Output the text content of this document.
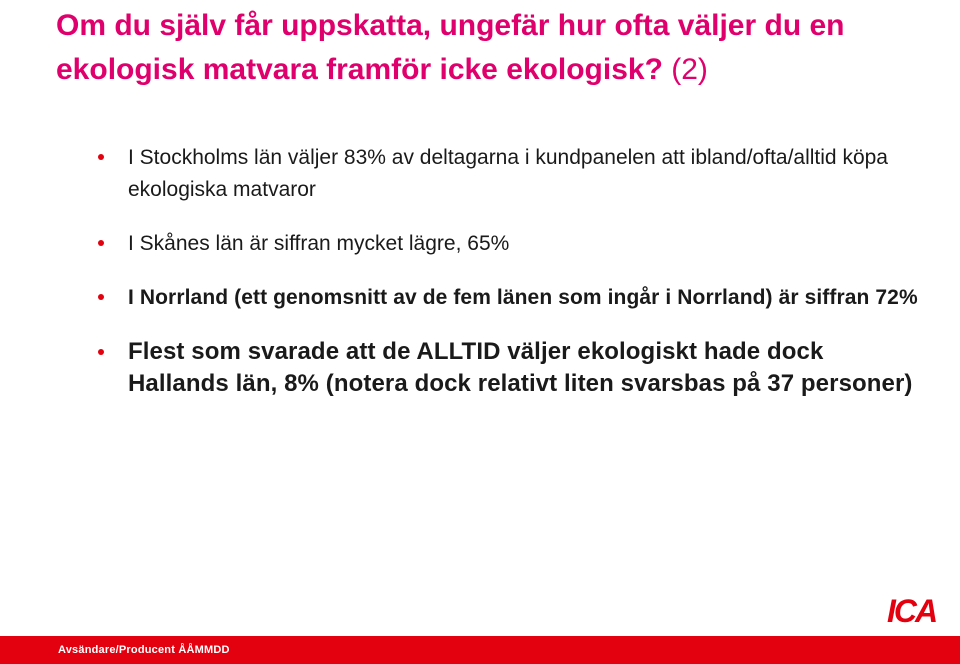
Om du själv får uppskatta, ungefär hur ofta väljer du en ekologisk matvara framför icke ekologisk? (2)
I Stockholms län väljer 83% av deltagarna i kundpanelen att ibland/ofta/alltid köpa ekologiska matvaror
I Skånes län är siffran mycket lägre, 65%
I Norrland (ett genomsnitt av de fem länen som ingår i Norrland) är siffran 72%
Flest som svarade att de ALLTID väljer ekologiskt hade dock Hallands län, 8% (notera dock relativt liten svarsbas på 37 personer)
ICA
Avsändare/Producent ÅÅMMDD
